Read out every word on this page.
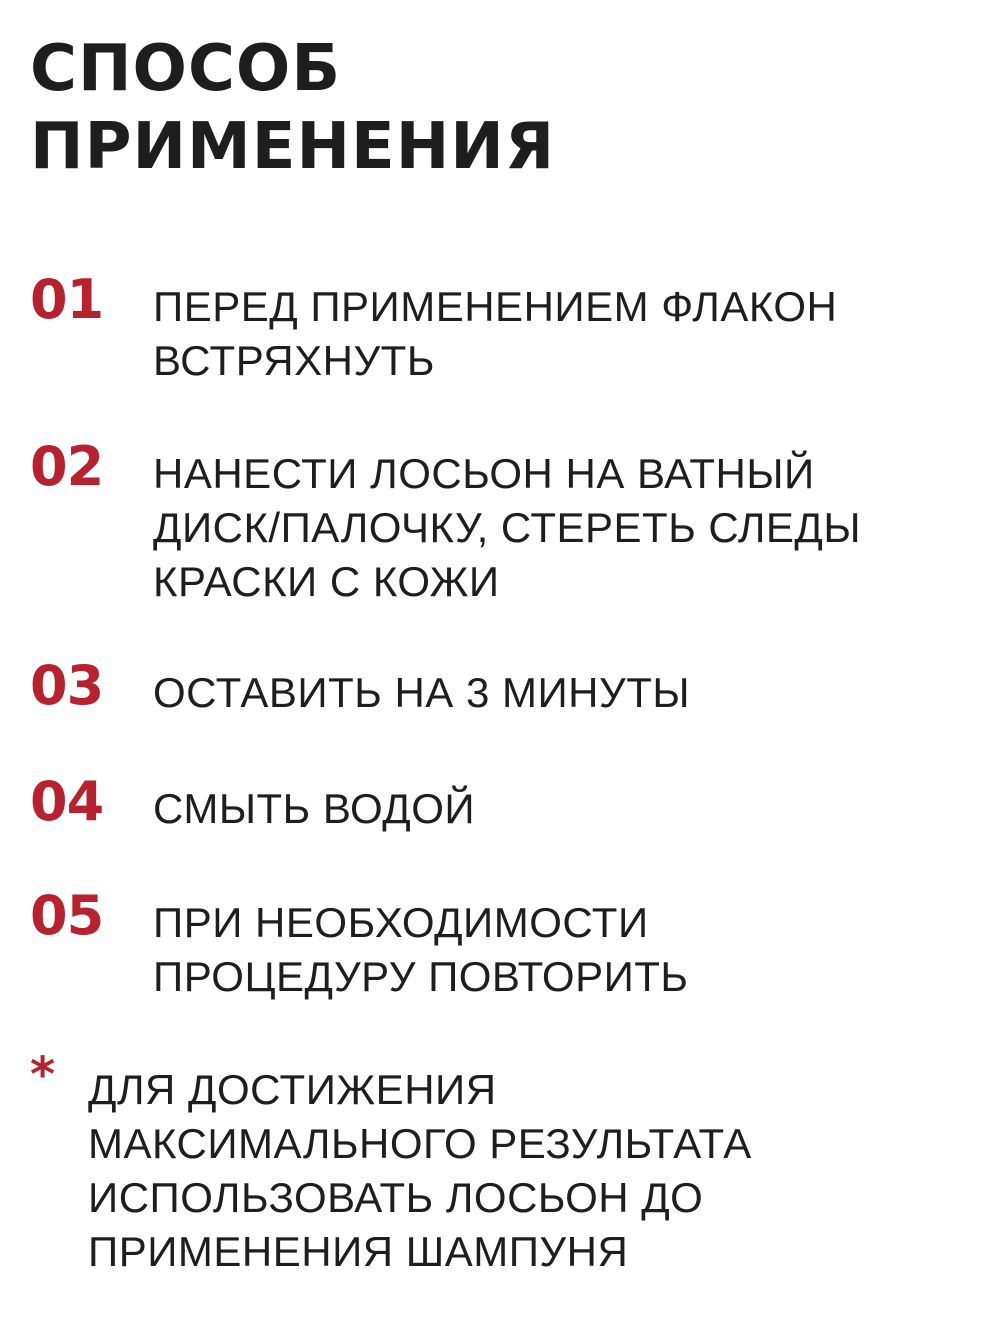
СПОСОБ
ПРИМЕНЕНИЯ
01 ПЕРЕД ПРИМЕНЕНИЕМ ФЛАКОН
ВСТРЯХНУТЬ
02 НАНЕСТИ ЛОСЬОН НА ВАТНЫЙ
ДИСК/ПАЛОЧКУ, СТЕРЕТЬ СЛЕДЫ
КРАСКИ С КОЖИ
03 ОСТАВИТЬ НА 3 МИНУТЫ
04 СМЫТЬ ВОДОЙ
05 ПРИ НЕОБХОДИМОСТИ
ПРОЦЕДУРУ ПОВТОРИТЬ
* ДЛЯ ДОСТИЖЕНИЯ
МАКСИМАЛЬНОГО РЕЗУЛЬТАТА
ИСПОЛЬЗОВАТЬ ЛОСЬОН ДО
ПРИМЕНЕНИЯ ШАМПУНЯ
